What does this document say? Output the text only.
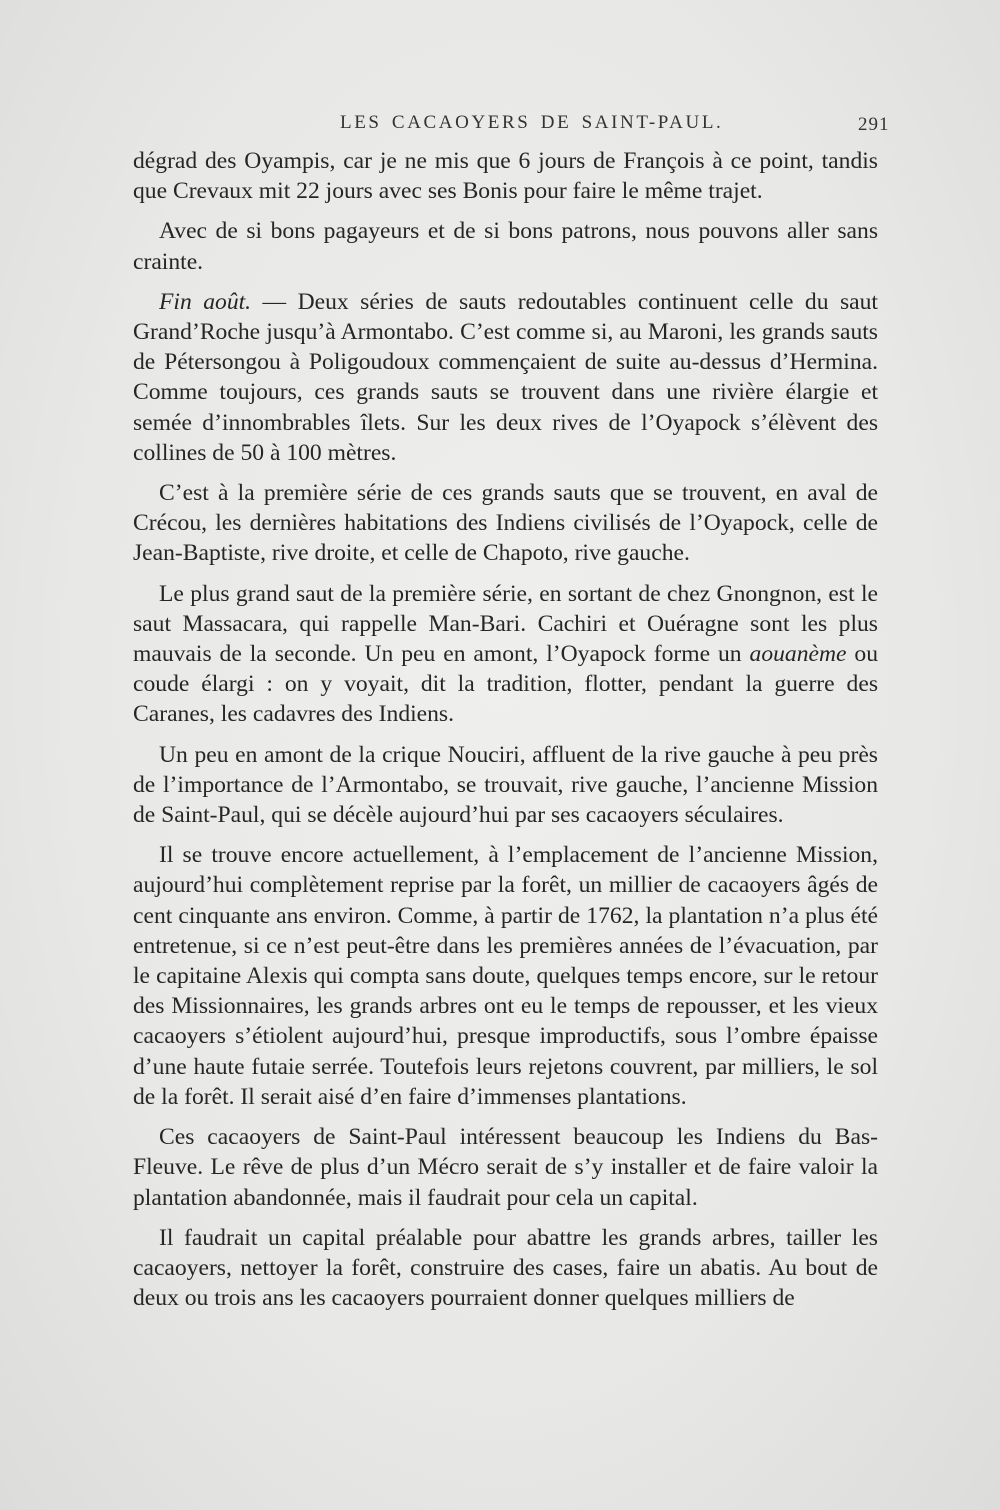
LES CACAOYERS DE SAINT-PAUL.	291

dégrad des Oyampis, car je ne mis que 6 jours de François à ce point, tandis que Crevaux mit 22 jours avec ses Bonis pour faire le même trajet.

Avec de si bons pagayeurs et de si bons patrons, nous pouvons aller sans crainte.

Fin août. — Deux séries de sauts redoutables continuent celle du saut Grand’Roche jusqu’à Armontabo. C’est comme si, au Maroni, les grands sauts de Pétersongou à Poligoudoux commençaient de suite au-dessus d’Hermina. Comme toujours, ces grands sauts se trouvent dans une rivière élargie et semée d’innombrables îlets. Sur les deux rives de l’Oyapock s’élèvent des collines de 50 à 100 mètres.

C’est à la première série de ces grands sauts que se trouvent, en aval de Crécou, les dernières habitations des Indiens civilisés de l’Oyapock, celle de Jean-Baptiste, rive droite, et celle de Chapoto, rive gauche.

Le plus grand saut de la première série, en sortant de chez Gnongnon, est le saut Massacara, qui rappelle Man-Bari. Cachiri et Ouéragne sont les plus mauvais de la seconde. Un peu en amont, l’Oyapock forme un aouanème ou coude élargi : on y voyait, dit la tradition, flotter, pendant la guerre des Caranes, les cadavres des Indiens.

Un peu en amont de la crique Nouciri, affluent de la rive gauche à peu près de l’importance de l’Armontabo, se trouvait, rive gauche, l’ancienne Mission de Saint-Paul, qui se décèle aujourd’hui par ses cacaoyers séculaires.

Il se trouve encore actuellement, à l’emplacement de l’ancienne Mission, aujourd’hui complètement reprise par la forêt, un millier de cacaoyers âgés de cent cinquante ans environ. Comme, à partir de 1762, la plantation n’a plus été entretenue, si ce n’est peut-être dans les premières années de l’évacuation, par le capitaine Alexis qui compta sans doute, quelques temps encore, sur le retour des Missionnaires, les grands arbres ont eu le temps de repousser, et les vieux cacaoyers s’étiolent aujourd’hui, presque improductifs, sous l’ombre épaisse d’une haute futaie serrée. Toutefois leurs rejetons couvrent, par milliers, le sol de la forêt. Il serait aisé d’en faire d’immenses plantations.

Ces cacaoyers de Saint-Paul intéressent beaucoup les Indiens du Bas-Fleuve. Le rêve de plus d’un Mécro serait de s’y installer et de faire valoir la plantation abandonnée, mais il faudrait pour cela un capital.

Il faudrait un capital préalable pour abattre les grands arbres, tailler les cacaoyers, nettoyer la forêt, construire des cases, faire un abatis. Au bout de deux ou trois ans les cacaoyers pourraient donner quelques milliers de
